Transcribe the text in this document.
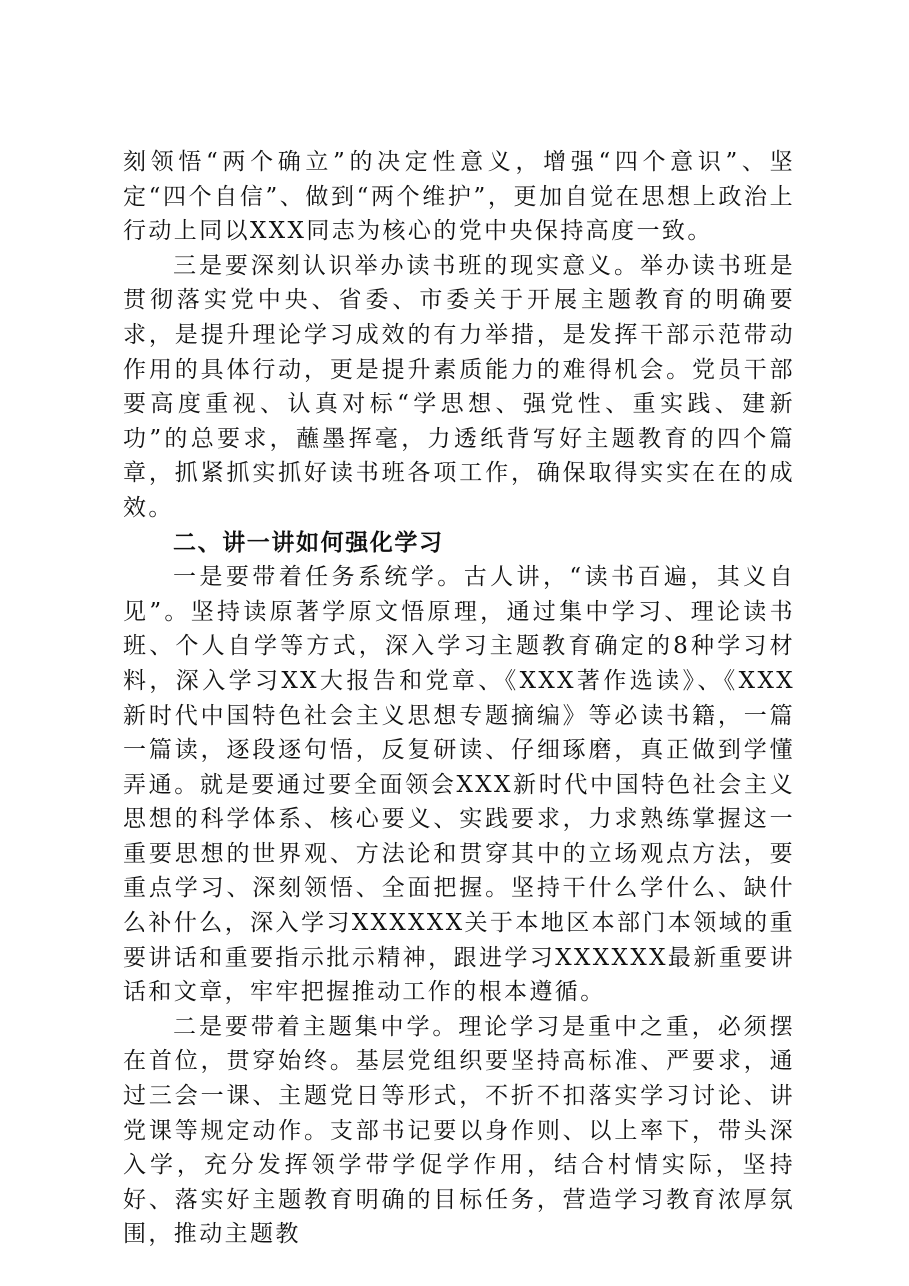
刻领悟“两个确立”的决定性意义，增强“四个意识”、坚定“四个自信”、做到“两个维护”，更加自觉在思想上政治上行动上同以XXX同志为核心的党中央保持高度一致。

三是要深刻认识举办读书班的现实意义。举办读书班是贯彻落实党中央、省委、市委关于开展主题教育的明确要求，是提升理论学习成效的有力举措，是发挥干部示范带动作用的具体行动，更是提升素质能力的难得机会。党员干部要高度重视、认真对标“学思想、强党性、重实践、建新功”的总要求，蘸墨挥毫，力透纸背写好主题教育的四个篇章，抓紧抓实抓好读书班各项工作，确保取得实实在在的成效。

二、讲一讲如何强化学习

一是要带着任务系统学。古人讲，“读书百遍，其义自见”。坚持读原著学原文悟原理，通过集中学习、理论读书班、个人自学等方式，深入学习主题教育确定的8种学习材料，深入学习XX大报告和党章、《XXX著作选读》、《XXX新时代中国特色社会主义思想专题摘编》等必读书籍，一篇一篇读，逐段逐句悟，反复研读、仔细琢磨，真正做到学懂弄通。就是要通过要全面领会XXX新时代中国特色社会主义思想的科学体系、核心要义、实践要求，力求熟练掌握这一重要思想的世界观、方法论和贯穿其中的立场观点方法，要重点学习、深刻领悟、全面把握。坚持干什么学什么、缺什么补什么，深入学习XXXXXX关于本地区本部门本领域的重要讲话和重要指示批示精神，跟进学习XXXXXX最新重要讲话和文章，牢牢把握推动工作的根本遵循。

二是要带着主题集中学。理论学习是重中之重，必须摆在首位，贯穿始终。基层党组织要坚持高标准、严要求，通过三会一课、主题党日等形式，不折不扣落实学习讨论、讲党课等规定动作。支部书记要以身作则、以上率下，带头深入学，充分发挥领学带学促学作用，结合村情实际，坚持好、落实好主题教育明确的目标任务，营造学习教育浓厚氛围，推动主题教
